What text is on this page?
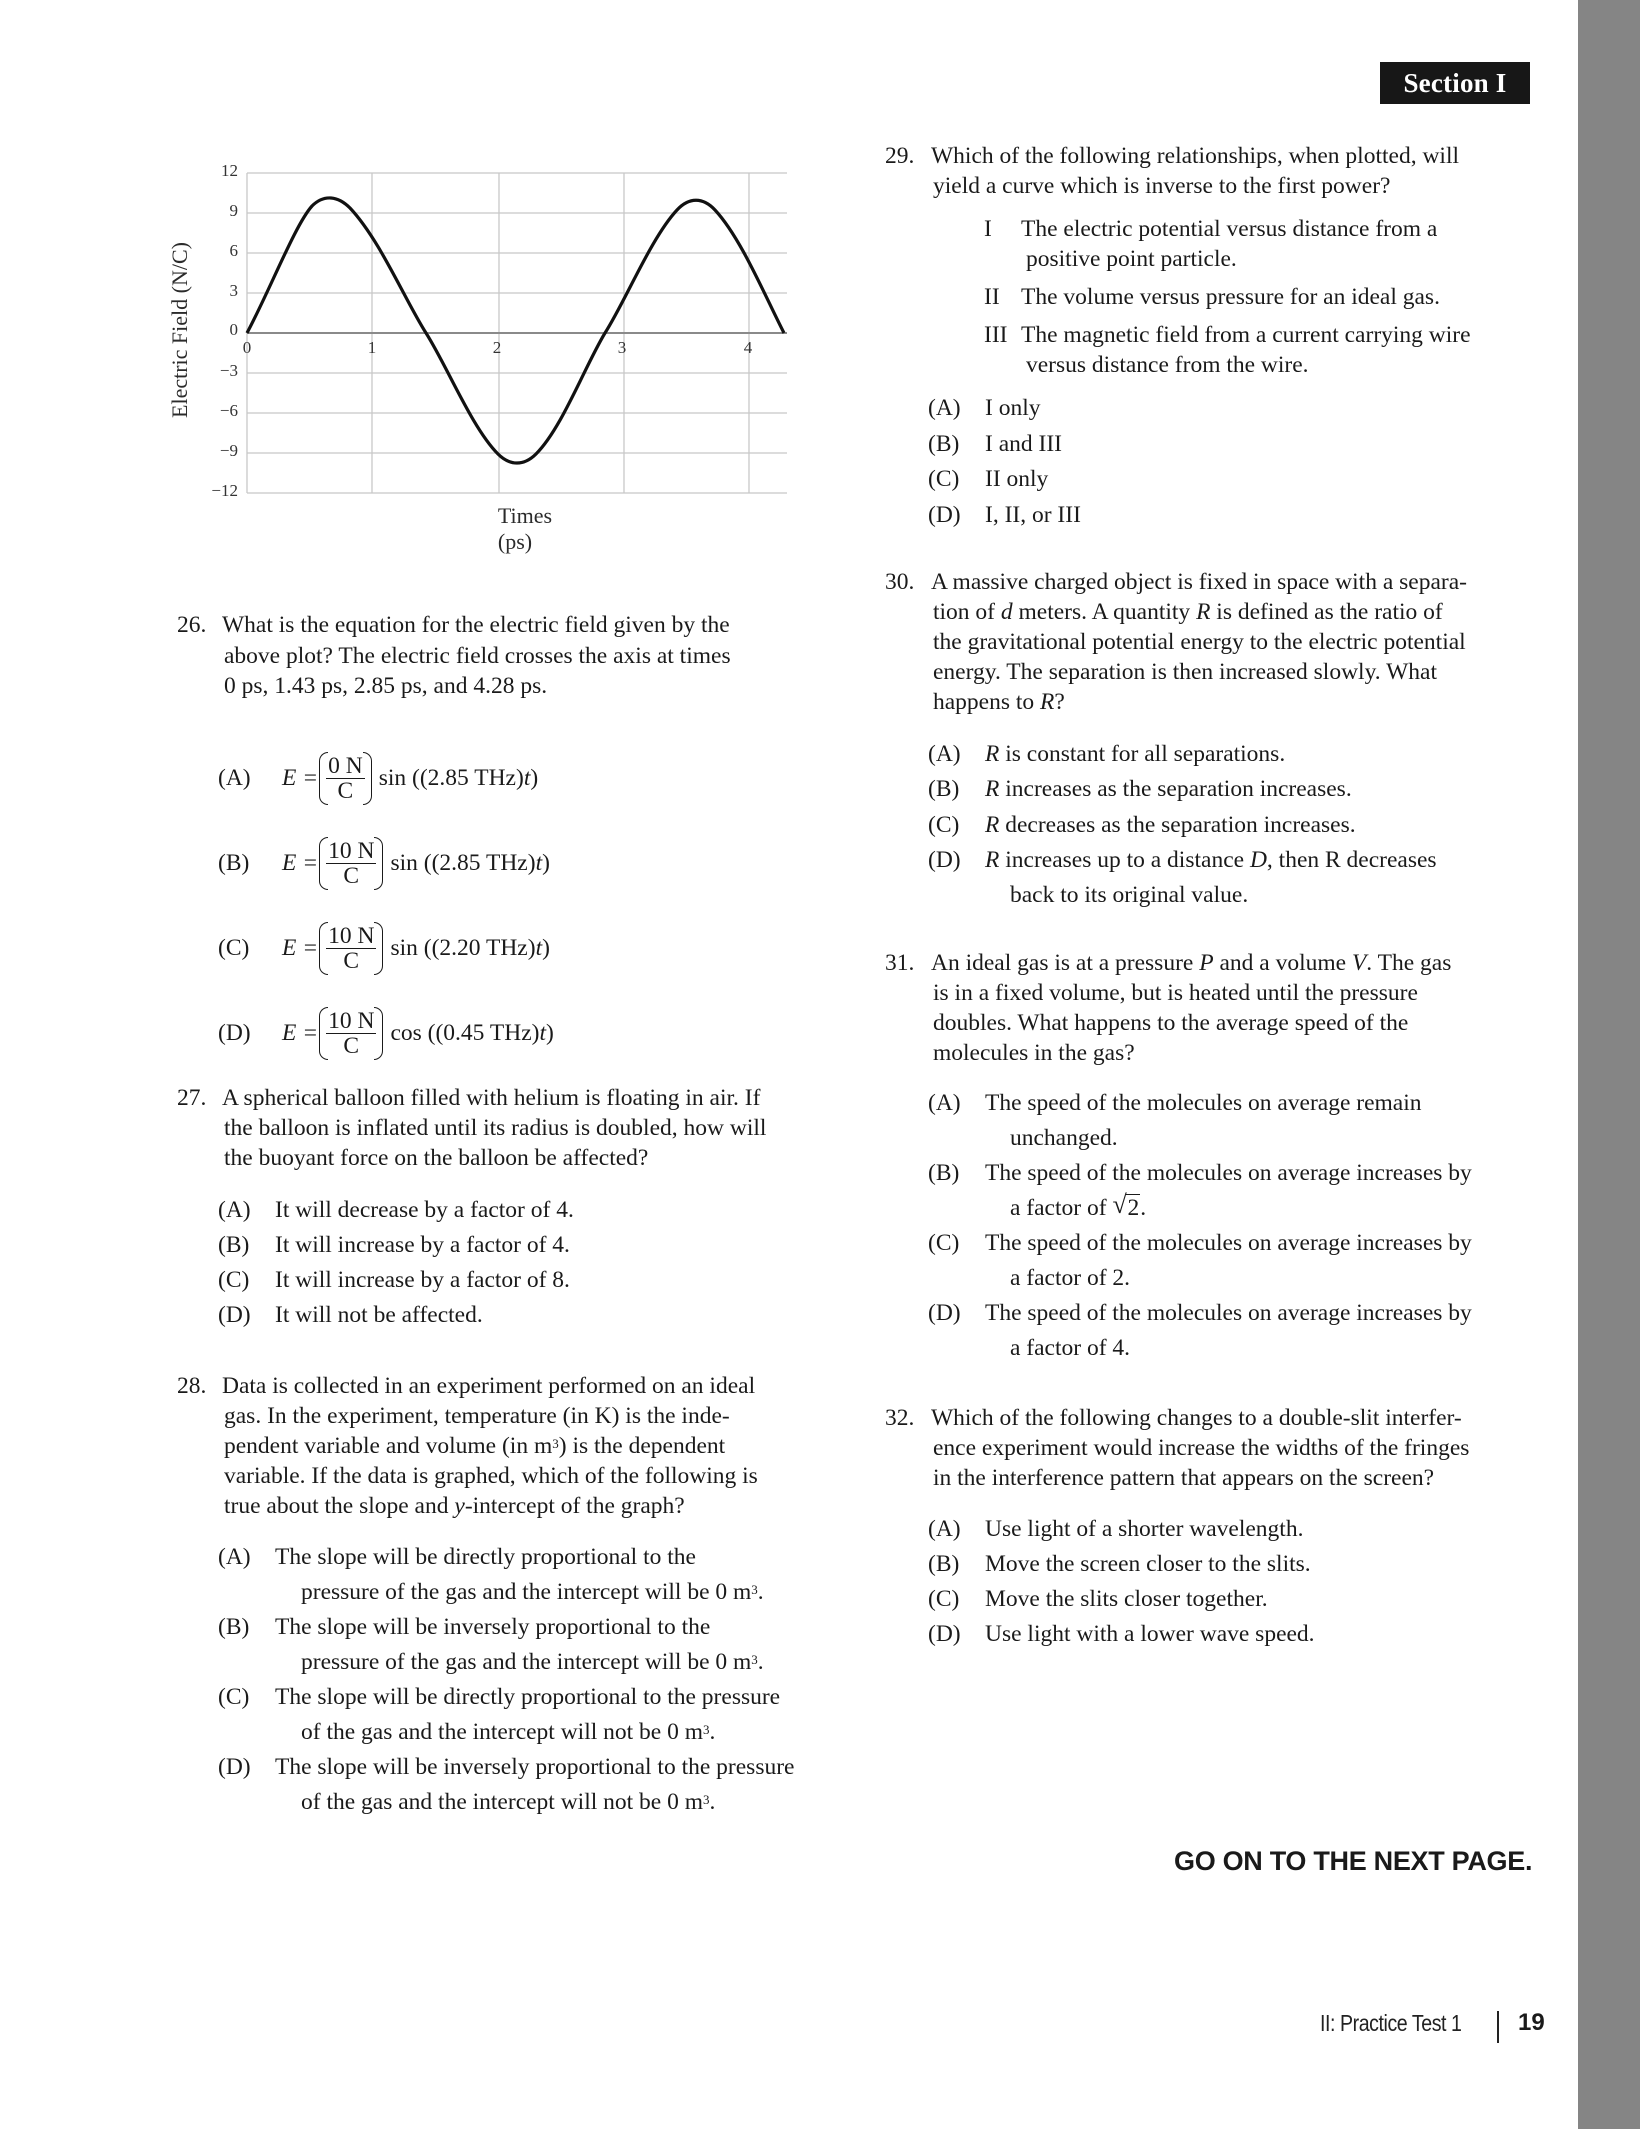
Section I
12
9
6
3
0
−3
−6
−9
−12
0	1	2	3	4
Electric Field (N/C)
Times (ps)
26. What is the equation for the electric field given by the
above plot? The electric field crosses the axis at times
0 ps, 1.43 ps, 2.85 ps, and 4.28 ps.
(A) $E = \frac{0 N}{C}$ sin ((2.85 THz)t)
(B) $E = \frac{10 N}{C}$ sin ((2.85 THz)t)
(C) $E = \frac{10 N}{C}$ sin ((2.20 THz)t)
(D) $E = \frac{10 N}{C}$ cos ((0.45 THz)t)
27. A spherical balloon filled with helium is floating in air. If
the balloon is inflated until its radius is doubled, how will
the buoyant force on the balloon be affected?
(A) It will decrease by a factor of 4.
(B) It will increase by a factor of 4.
(C) It will increase by a factor of 8.
(D) It will not be affected.
28. Data is collected in an experiment performed on an ideal
gas. In the experiment, temperature (in K) is the inde-
pendent variable and volume (in $m^3$) is the dependent
variable. If the data is graphed, which of the following is
true about the slope and y-intercept of the graph?
(A) The slope will be directly proportional to the
pressure of the gas and the intercept will be 0 $m^3$.
(B) The slope will be inversely proportional to the
pressure of the gas and the intercept will be 0 $m^3$.
(C) The slope will be directly proportional to the pressure
of the gas and the intercept will not be 0 $m^3$.
(D) The slope will be inversely proportional to the pressure
of the gas and the intercept will not be 0 $m^3$.
29. Which of the following relationships, when plotted, will
yield a curve which is inverse to the first power?
I The electric potential versus distance from a
positive point particle.
II The volume versus pressure for an ideal gas.
III The magnetic field from a current carrying wire
versus distance from the wire.
(A) I only
(B) I and III
(C) II only
(D) I, II, or III
30. A massive charged object is fixed in space with a separa-
tion of d meters. A quantity R is defined as the ratio of
the gravitational potential energy to the electric potential
energy. The separation is then increased slowly. What
happens to R?
(A) R is constant for all separations.
(B) R increases as the separation increases.
(C) R decreases as the separation increases.
(D) R increases up to a distance D, then R decreases
back to its original value.
31. An ideal gas is at a pressure P and a volume V. The gas
is in a fixed volume, but is heated until the pressure
doubles. What happens to the average speed of the
molecules in the gas?
(A) The speed of the molecules on average remain
unchanged.
(B) The speed of the molecules on average increases by
a factor of √ 2.
(C) The speed of the molecules on average increases by
a factor of 2.
(D) The speed of the molecules on average increases by
a factor of 4.
32. Which of the following changes to a double-slit interfer-
ence experiment would increase the widths of the fringes
in the interference pattern that appears on the screen?
(A) Use light of a shorter wavelength.
(B) Move the screen closer to the slits.
(C) Move the slits closer together.
(D) Use light with a lower wave speed.
GO ON TO THE NEXT PAGE.
II: Practice Test 1 19
